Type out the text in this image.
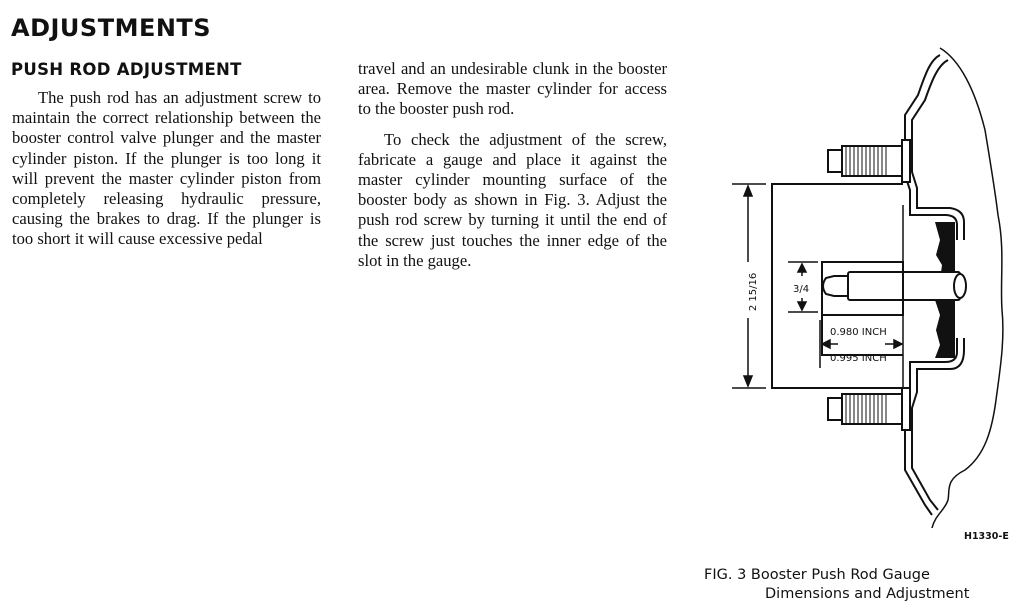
ADJUSTMENTS
PUSH ROD ADJUSTMENT

The push rod has an adjustment screw to maintain the correct relationship between the booster control valve plunger and the master cylinder piston. If the plunger is too long it will prevent the master cylinder piston from completely releasing hydraulic pressure, causing the brakes to drag. If the plunger is too short it will cause excessive pedal

travel and an undesirable clunk in the booster area. Remove the master cylinder for access to the booster push rod.

To check the adjustment of the screw, fabricate a gauge and place it against the master cylinder mounting surface of the booster body as shown in Fig. 3. Adjust the push rod screw by turning it until the end of the screw just touches the inner edge of the slot in the gauge.

2 15/16	3/4
0.980 INCH
0.995 INCH
H1330-E
FIG. 3 Booster Push Rod Gauge
Dimensions and Adjustment
